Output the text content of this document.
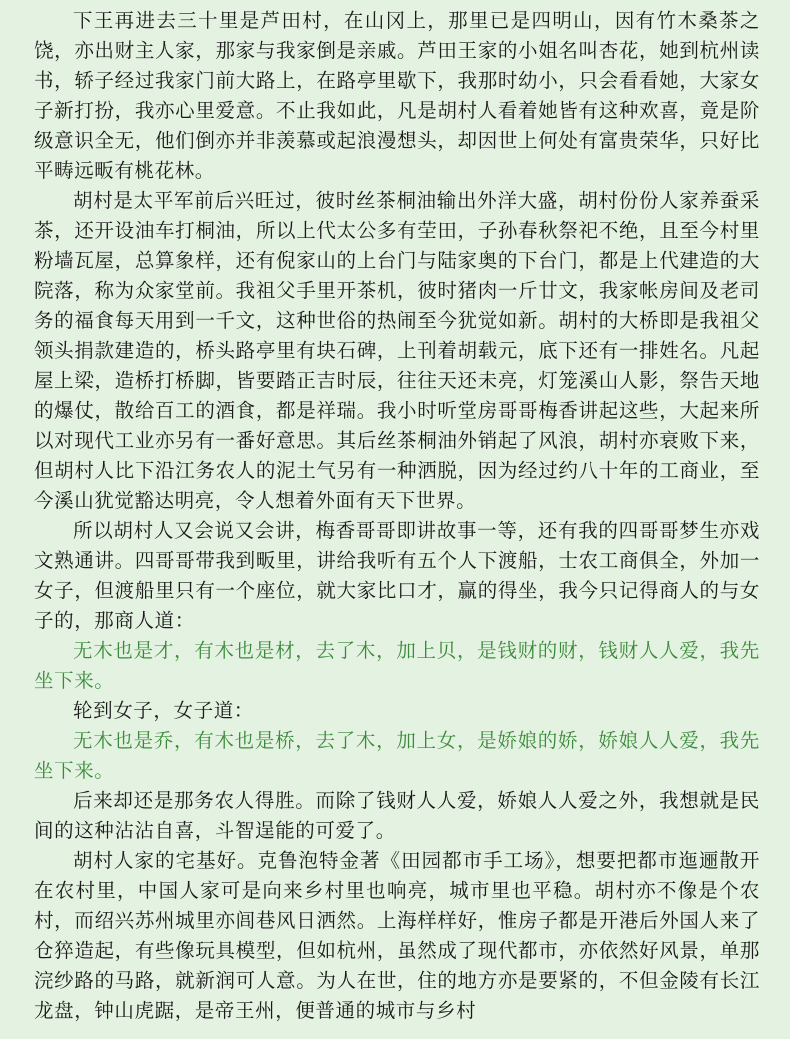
下王再进去三十里是芦田村，在山冈上，那里已是四明山，因有竹木桑茶之饶，亦出财主人家，那家与我家倒是亲戚。芦田王家的小姐名叫杏花，她到杭州读书，轿子经过我家门前大路上，在路亭里歇下，我那时幼小，只会看看她，大家女子新打扮，我亦心里爱意。不止我如此，凡是胡村人看着她皆有这种欢喜，竟是阶级意识全无，他们倒亦并非羡慕或起浪漫想头，却因世上何处有富贵荣华，只好比平畴远畈有桃花林。

胡村是太平军前后兴旺过，彼时丝茶桐油输出外洋大盛，胡村份份人家养蚕采茶，还开设油车打桐油，所以上代太公多有茔田，子孙春秋祭祀不绝，且至今村里粉墙瓦屋，总算象样，还有倪家山的上台门与陆家奥的下台门，都是上代建造的大院落，称为众家堂前。我祖父手里开茶机，彼时猪肉一斤廿文，我家帐房间及老司务的福食每天用到一千文，这种世俗的热闹至今犹觉如新。胡村的大桥即是我祖父领头捐款建造的，桥头路亭里有块石碑，上刊着胡载元，底下还有一排姓名。凡起屋上梁，造桥打桥脚，皆要踏正吉时辰，往往天还未亮，灯笼溪山人影，祭告天地的爆仗，散给百工的酒食，都是祥瑞。我小时听堂房哥哥梅香讲起这些，大起来所以对现代工业亦另有一番好意思。其后丝茶桐油外销起了风浪，胡村亦衰败下来，但胡村人比下沿江务农人的泥土气另有一种洒脱，因为经过约八十年的工商业，至今溪山犹觉豁达明亮，令人想着外面有天下世界。

所以胡村人又会说又会讲，梅香哥哥即讲故事一等，还有我的四哥哥梦生亦戏文熟通讲。四哥哥带我到畈里，讲给我听有五个人下渡船，士农工商俱全，外加一女子，但渡船里只有一个座位，就大家比口才，赢的得坐，我今只记得商人的与女子的，那商人道：

无木也是才，有木也是材，去了木，加上贝，是钱财的财，钱财人人爱，我先坐下来。

轮到女子，女子道：

无木也是乔，有木也是桥，去了木，加上女，是娇娘的娇，娇娘人人爱，我先坐下来。

后来却还是那务农人得胜。而除了钱财人人爱，娇娘人人爱之外，我想就是民间的这种沾沾自喜，斗智逞能的可爱了。

胡村人家的宅基好。克鲁泡特金著《田园都市手工场》，想要把都市迤逦散开在农村里，中国人家可是向来乡村里也响亮，城市里也平稳。胡村亦不像是个农村，而绍兴苏州城里亦闾巷风日洒然。上海样样好，惟房子都是开港后外国人来了仓猝造起，有些像玩具模型，但如杭州，虽然成了现代都市，亦依然好风景，单那浣纱路的马路，就新润可人意。为人在世，住的地方亦是要紧的，不但金陵有长江龙盘，钟山虎踞，是帝王州，便普通的城市与乡村
